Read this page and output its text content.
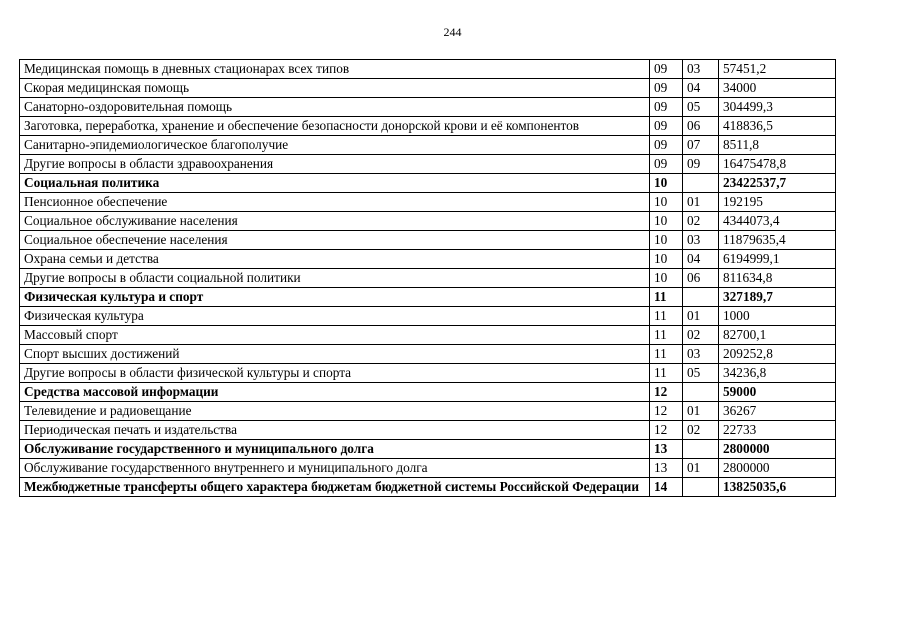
244
Медицинская помощь в дневных стационарах всех типов	09	03	57451,2
Скорая медицинская помощь	09	04	34000
Санаторно-оздоровительная помощь	09	05	304499,3
Заготовка, переработка, хранение и обеспечение безопасности донорской крови и её компонентов	09	06	418836,5
Санитарно-эпидемиологическое благополучие	09	07	8511,8
Другие вопросы в области здравоохранения	09	09	16475478,8
Социальная политика	10		23422537,7
Пенсионное обеспечение	10	01	192195
Социальное обслуживание населения	10	02	4344073,4
Социальное обеспечение населения	10	03	11879635,4
Охрана семьи и детства	10	04	6194999,1
Другие вопросы в области социальной политики	10	06	811634,8
Физическая культура и спорт	11		327189,7
Физическая культура	11	01	1000
Массовый спорт	11	02	82700,1
Спорт высших достижений	11	03	209252,8
Другие вопросы в области физической культуры и спорта	11	05	34236,8
Средства массовой информации	12		59000
Телевидение и радиовещание	12	01	36267
Периодическая печать и издательства	12	02	22733
Обслуживание государственного и муниципального долга	13		2800000
Обслуживание государственного внутреннего и муниципального долга	13	01	2800000
Межбюджетные трансферты общего характера бюджетам бюджетной системы Российской Федерации	14		13825035,6
